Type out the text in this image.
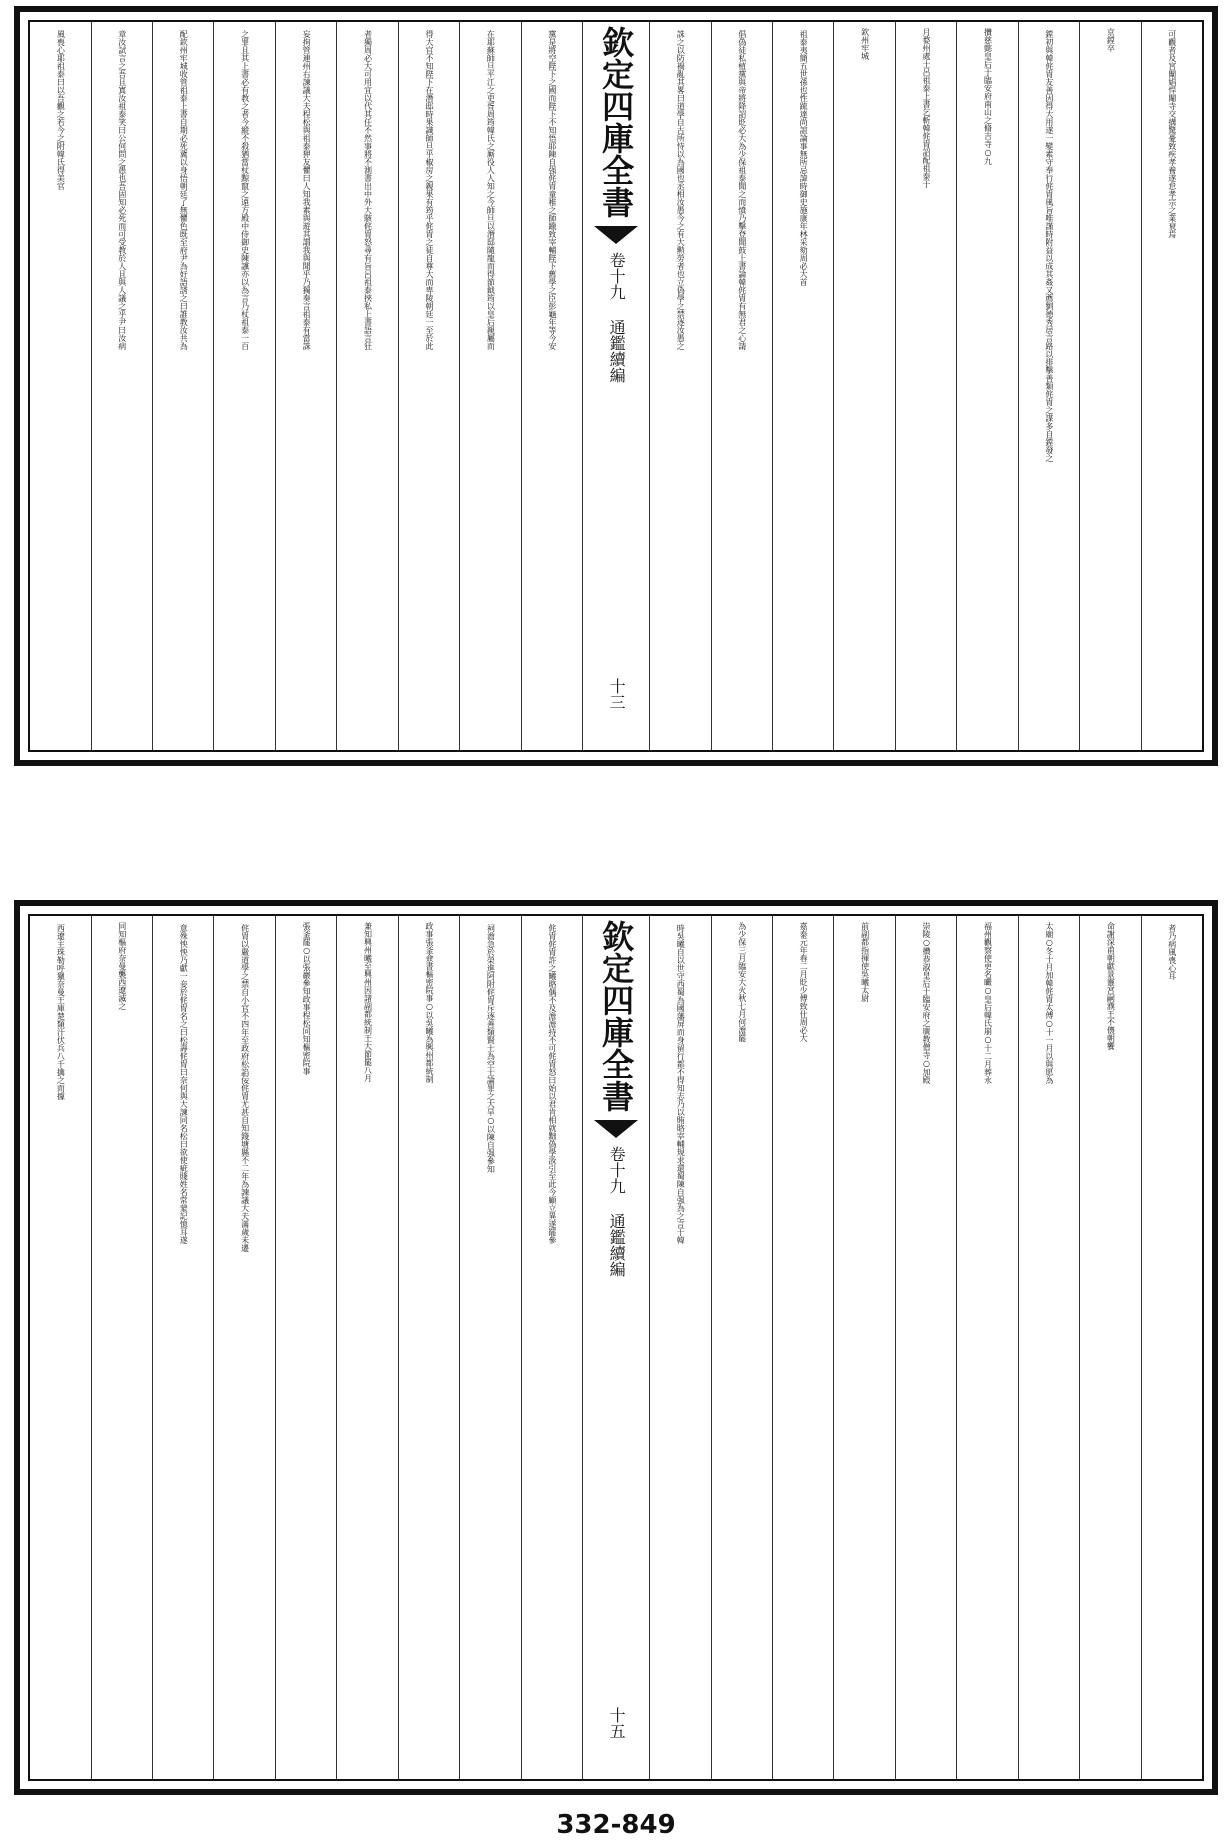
可觀者及宮闈娼悍閹寺交搆驚憂致疾孝養遂怠孝宗之業衰焉
京鏜卒
鏜初與韓侂胄友善因得大用遂一變素守奉行侂胄風旨唯謹時附益以成其姦又薦劉德秀居言路以排擊善類侂胄之謀多自鏜發之
攢慈懿皇后于臨安府南山之脩吉寺○九
月婺州處士呂祖泰上書乞斬韓侂胄詔配祖泰于
欽州牢城
祖泰夷簡五世孫也性䟽達尚誼論事無所忌諱時御史施康年林采劾周必大首
倡偽徒私植黨與帝將降詔貶必大為少保祖泰聞之而憤乃擊登聞鼓上書論韓侂胄有無君之心請
誅之以防禍亂其畧曰道學自古所恃以為國也丞相汝愚今之有大勲勞者也立偽學之禁逐汝愚之
欽定四庫全書
卷十九 通鑑續編
十三
黨是將空陛下之國而陛下不知悟耶陳自强侂胄童稚之師躐致宰輔陛下舊學之臣彭龜年等今安
在耶蘇師旦平江之吏胥周筠韓氏之厮役人人知之今師旦以潛邸隨龍而得節鉞筠以皇后親屬而
得大官不知陛下在潛邸時果識師旦乎椒房之親果有筠乎侂胄之徒自尊大而卑陵朝廷一至於此
者獨周必大可用宜以代其任不然事將不測書出中外大駭侂胄怒尋有旨呂祖泰挾私上書語言狂
妄拘管連州右諫議大夫程松與祖泰狎友懼曰人知我素與遊其謂我與聞乎乃獨奏言祖泰有當誅
之罪且其上書必有教之者今縱不殺猶當杖黥竄之遠方殿中侍御史陳讜亦以為言乃杖祖泰一百
配欽州牢城收管祖泰上書自期必死冀以身悟朝廷了無懼色既至府尹為好語誘之曰誰教汝共為
章汝試言之吾且寘汝祖泰笑曰公何問之愚也吾固知必死而可受教於人且與人議之乎尹曰汝病
風喪心耶祖泰曰以吾觀之若今之附韓氏得美官
者乃病風喪心耳
命謝深甫朝獻景靈宮嗣濮王不㒟朝饗
太廟○冬十月加韓侂胄太傅○十一月以與愿為
福州觀察使更名曮○皇后韓氏崩○十二月葬永
崇陵○攢恭淑皇后于臨安府之廣教僧寺○加殿
前副都指揮使吳曦太尉
嘉泰元年春二月貶少傅致仕周必大
為少保三月臨安大火秋七月何澹罷
時吳曦自以世守西蜀為國藩屏而身留行都不得知志乃以賄賂宰輔規求還蜀陳自强為之言于韓
欽定四庫全書
卷十九 通鑑續編
十五
侂胄侂胄許之曦賂偶不及澹澹持不可侂胄怒曰始以君肯相就黜偽學汲引至此今顧立異遂罷參
祠澹急於榮進阿附侂胄斥逐善類賢士為空士論罪之大旱○以陳自强參知
政事張釜僉書樞密院事○以吳曦為興州都統制
兼知興州曦至興州因諸副都統制王大節罷八月
張釜罷○以張巖參知政事程松同知樞密院事
侂胄以嚴道學之禁自小官不四年至政府松諂佞侂胄尤甚自知錢塘縣不二年為諫議大夫滿歲未遷
意殊怏怏乃獻一妾於侂胄名之曰松壽侂胄曰奈何與大諫同名松曰欲使疵賤姓名常蒙記憶耳遂
同知樞府奈曼襲西遼滅之
西遼主珠勒呼獵奈曼王庫楚類汗伏兵八千擒之而據
332-849
